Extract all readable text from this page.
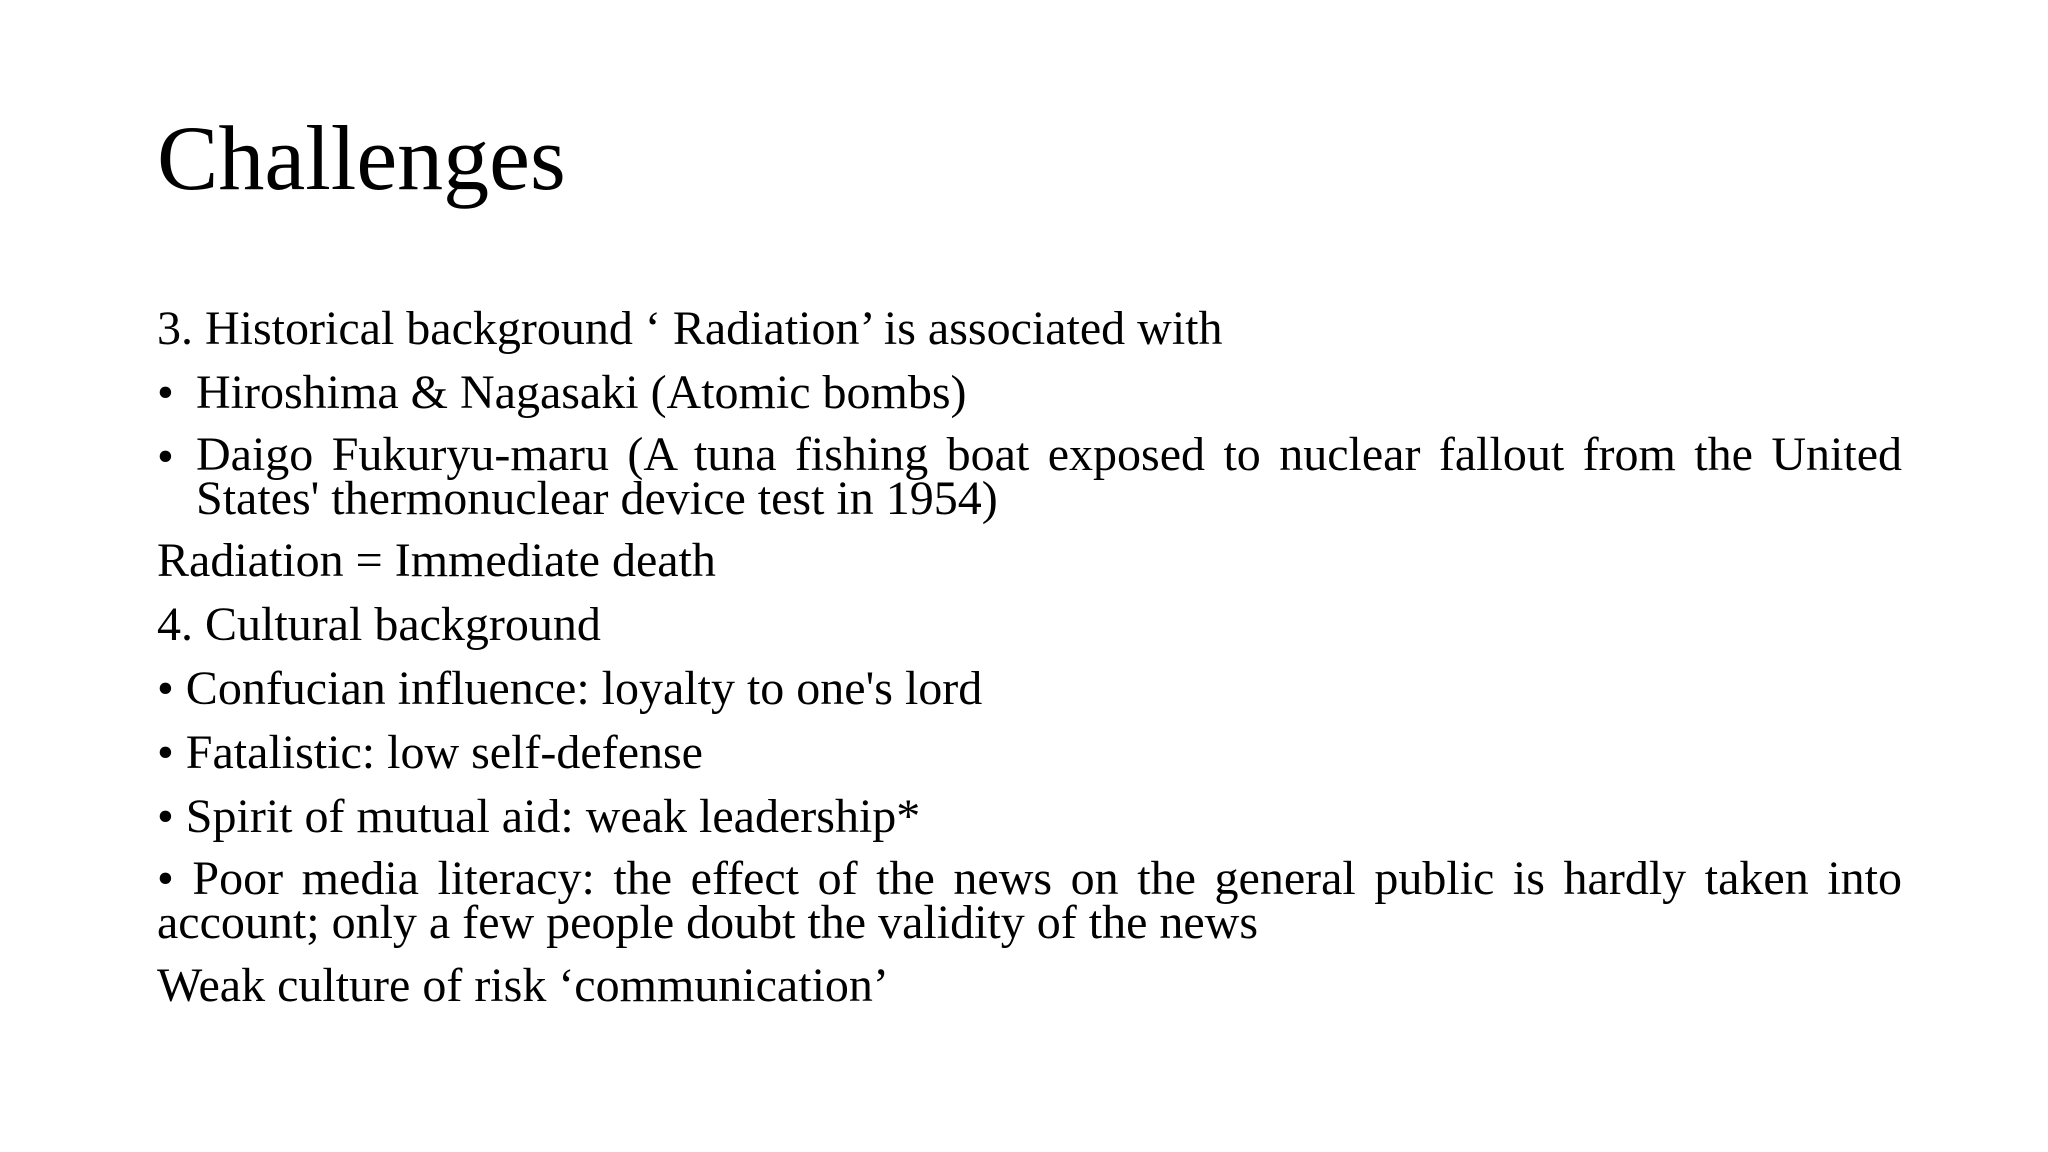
Challenges
3. Historical background ‘ Radiation’ is associated with
• Hiroshima & Nagasaki (Atomic bombs)
• Daigo Fukuryu-maru (A tuna fishing boat exposed to nuclear fallout from the United States' thermonuclear device test in 1954)
Radiation = Immediate death
4. Cultural background
• Confucian influence: loyalty to one's lord
• Fatalistic: low self-defense
• Spirit of mutual aid: weak leadership*
• Poor media literacy: the effect of the news on the general public is hardly taken into account; only a few people doubt the validity of the news
Weak culture of risk ‘communication’
